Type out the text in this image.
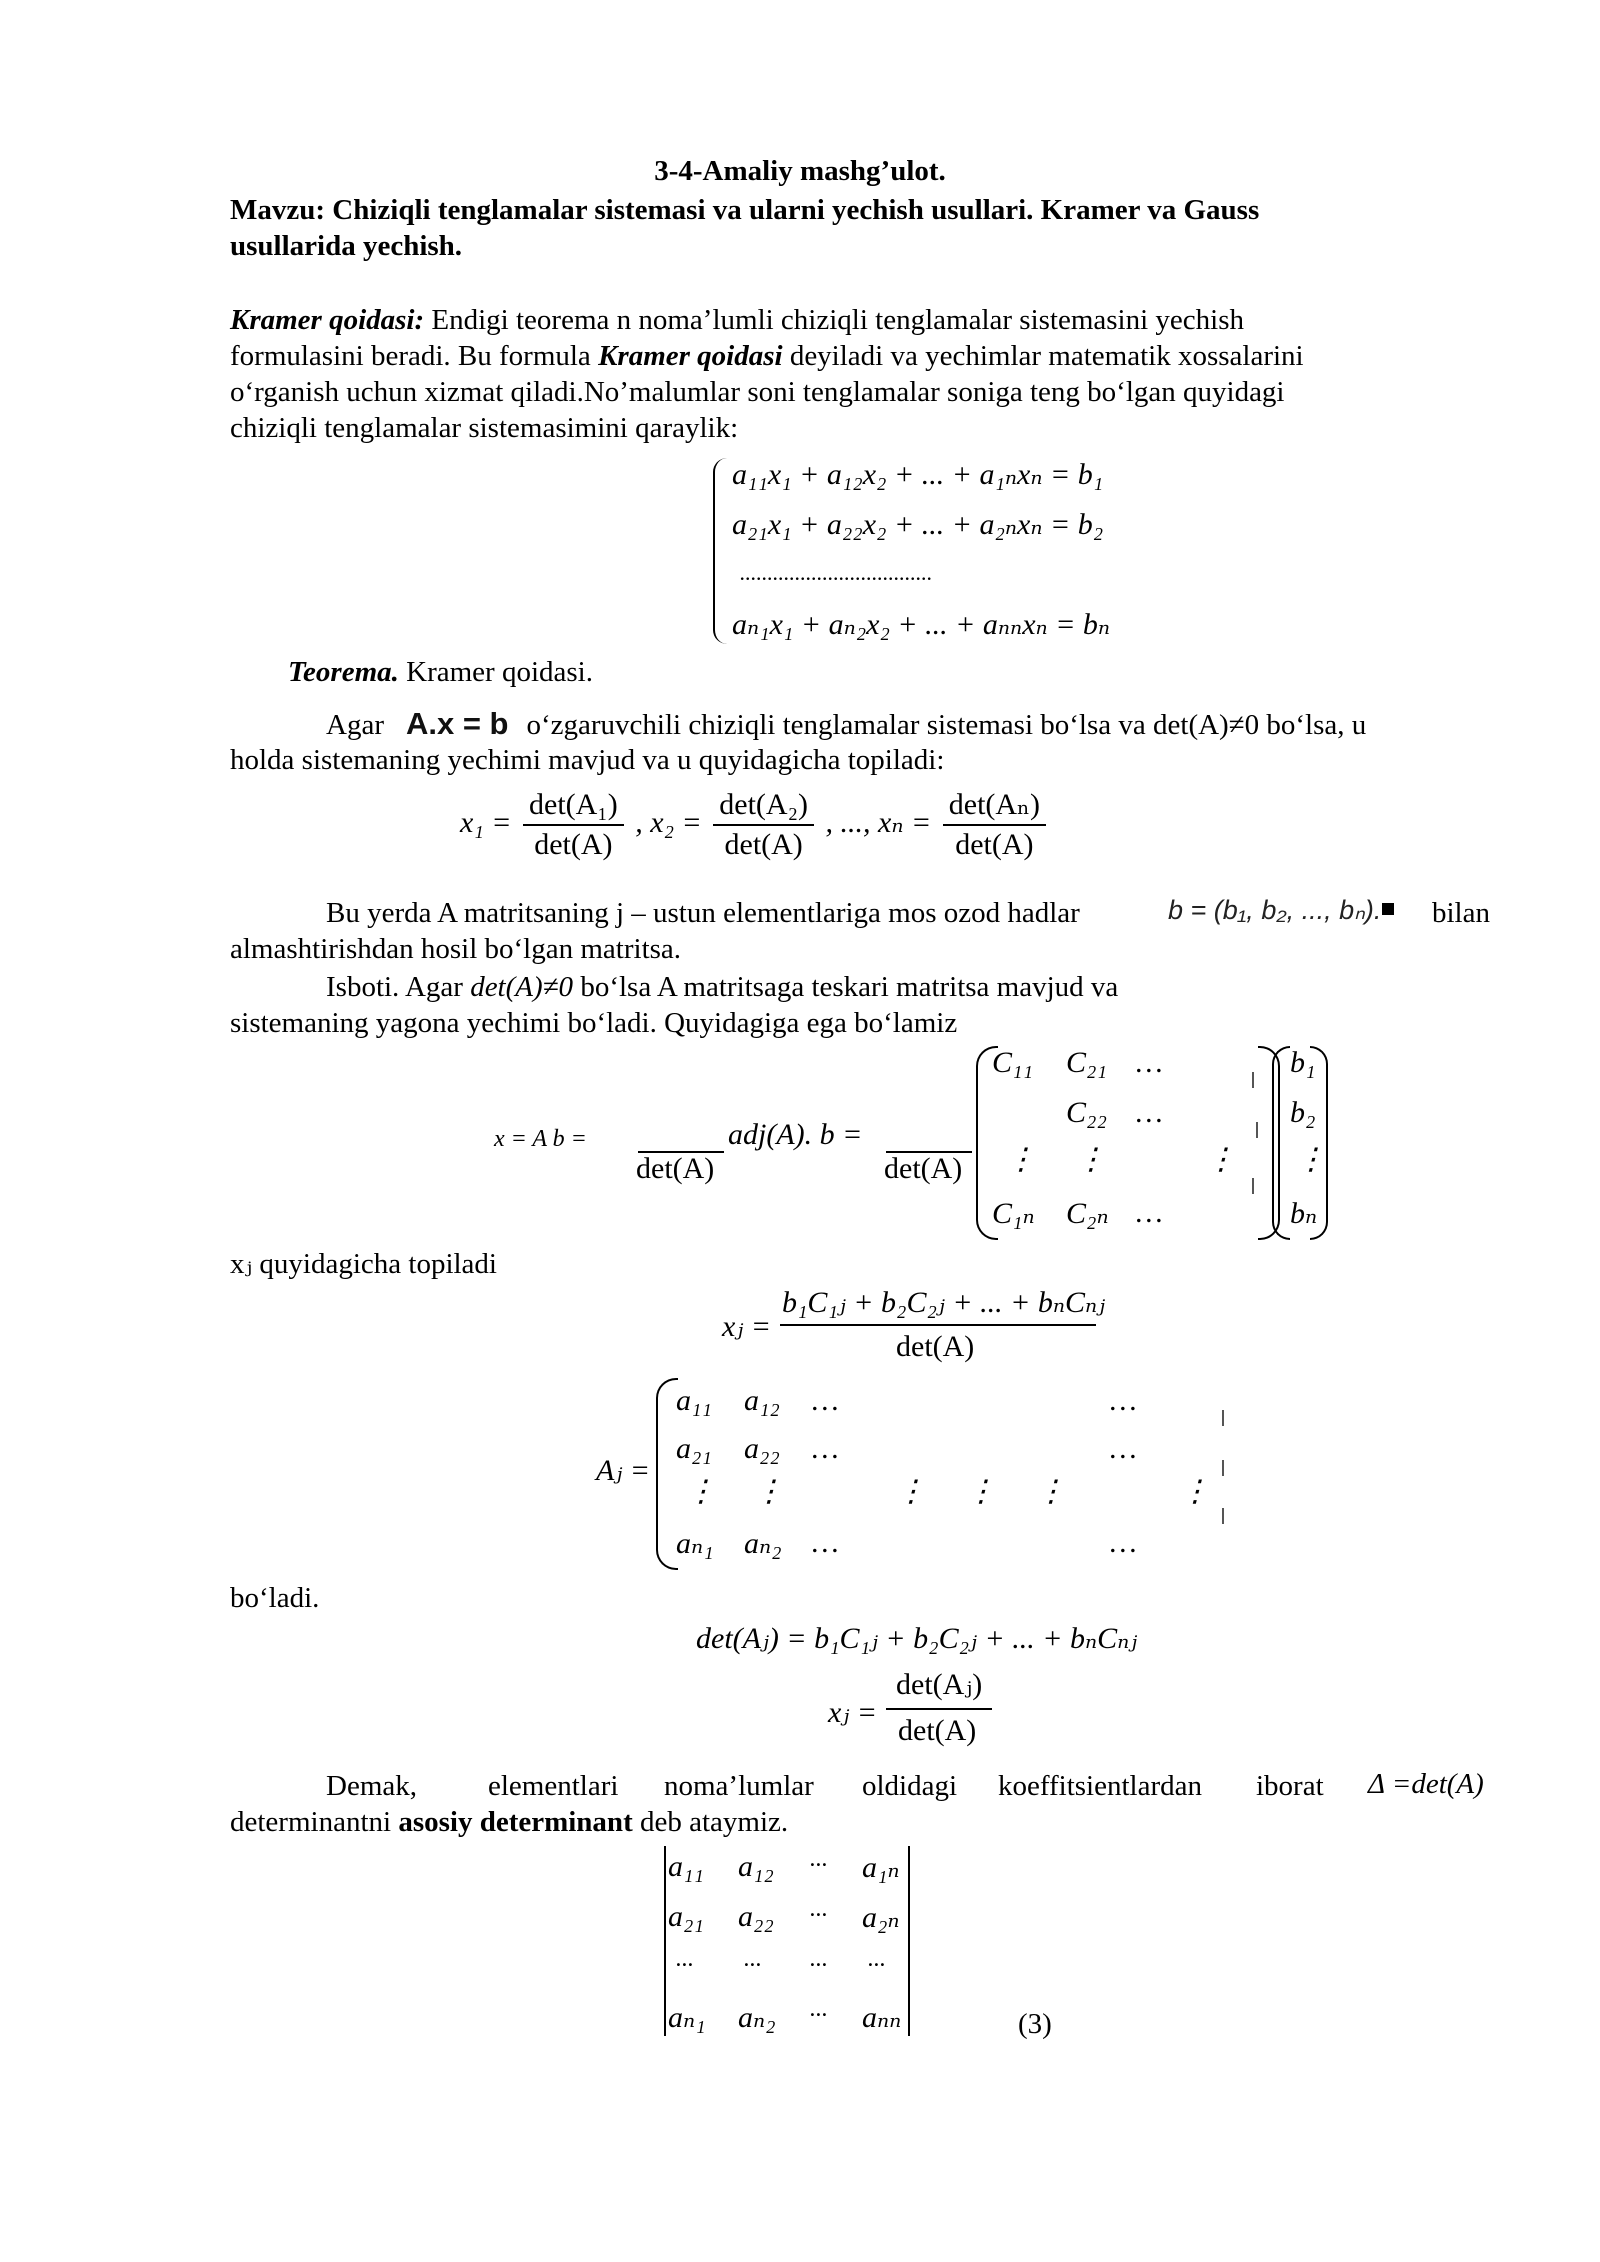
3-4-Amaliy mashg’ulot.
Mavzu: Chiziqli tenglamalar sistemasi va ularni yechish usullari. Kramer va Gauss
usullarida yechish.
Kramer qoidasi: Endigi teorema n noma’lumli chiziqli tenglamalar sistemasini yechish
formulasini beradi. Bu formula Kramer qoidasi deyiladi va yechimlar matematik xossalarini
o‘rganish uchun xizmat qiladi.No’malumlar soni tenglamalar soniga teng bo‘lgan quyidagi
chiziqli tenglamalar sistemasimini qaraylik:
a₁₁x₁ + a₁₂x₂ + ... + a₁ₙxₙ = b₁
a₂₁x₁ + a₂₂x₂ + ... + a₂ₙxₙ = b₂
...................................
aₙ₁x₁ + aₙ₂x₂ + ... + aₙₙxₙ = bₙ
Teorema. Kramer qoidasi.
Agar A.x = b o‘zgaruvchili chiziqli tenglamalar sistemasi bo‘lsa va det(A)≠0 bo‘lsa, u
holda sistemaning yechimi mavjud va u quyidagicha topiladi:
$x_1 = \frac{\text{det(A₁)}}{\det(A)}$ , $x_2 = \frac{\text{det(A₂)}}{\det(A)}$ , ..., $x_n = \frac{\text{det(Aₙ)}}{\det(A)}$
Bu yerda A matritsaning j – ustun elementlariga mos ozod hadlar	b = (b₁, b₂, ..., bₙ). bilan
almashtirishdan hosil bo‘lgan matritsa.
Isboti. Agar det(A)≠0 bo‘lsa A matritsaga teskari matritsa mavjud va
sistemaning yagona yechimi bo‘ladi. Quyidagiga ega bo‘lamiz
x = A b =
det(A)
adj(A). b =
det(A)
C₁₁ C₂₁ …
C₂₂ …
⋮ ⋮	⋮
C₁ₙ C₂ₙ …
b₁
b₂
⋮
bₙ
xⱼ quyidagicha topiladi
xⱼ =
b₁C₁ⱼ + b₂C₂ⱼ + ... + bₙCₙⱼ
det(A)
Aⱼ =
a₁₁ a₁₂ …	…
a₂₁ a₂₂ …	…
⋮ ⋮	⋮ ⋮ ⋮	⋮
aₙ₁ aₙ₂ …	…
bo‘ladi.
det(Aⱼ) = b₁C₁ⱼ + b₂C₂ⱼ + ... + bₙCₙⱼ
xⱼ =
det(Aⱼ)
det(A)
Demak, elementlari noma’lumlar oldidagi koeffitsientlardan iborat Δ =det(A)
determinantni asosiy determinant deb ataymiz.
a₁₁ a₁₂ ... a₁ₙ
a₂₁ a₂₂ ... a₂ₙ
... ... ... ...
aₙ₁ aₙ₂ ... aₙₙ	(3)
